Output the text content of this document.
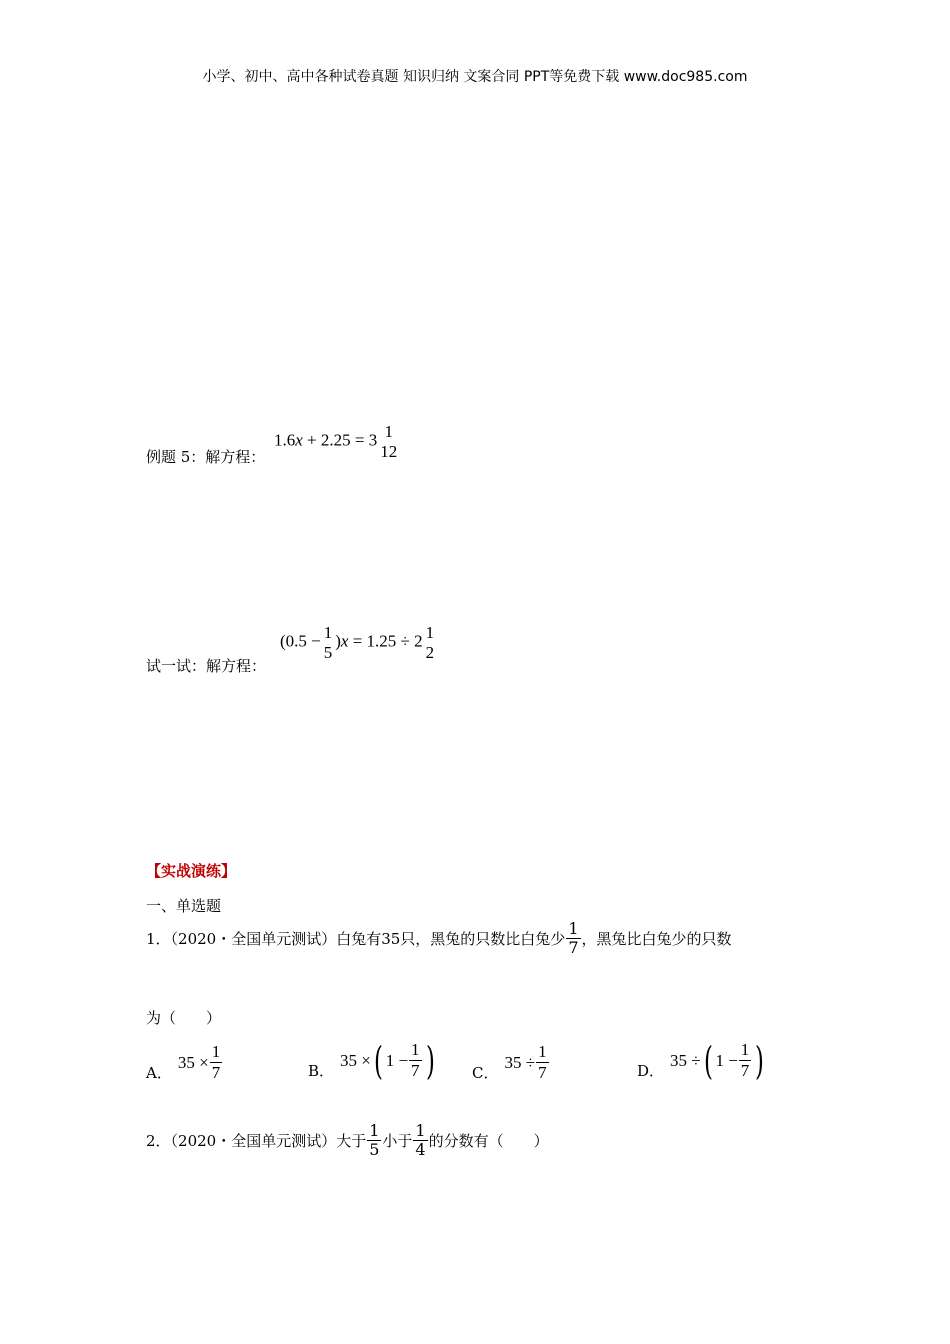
小学、初中、高中各种试卷真题 知识归纳 文案合同 PPT等免费下载 www.doc985.com
例题 5：解方程：
1.6x + 2.25 = 3 1
12
试一试：解方程：
(0.5 − 1
5
)x = 1.25 ÷ 2 1
2
【实战演练】
一、单选题
1．（2020・全国单元测试）白兔有35只，黑兔的只数比白兔少 $\frac{1}{7}$ ，黑兔比白兔少的只数
为（　　）
A．
$35 \times \frac{1}{7}$	B．
35 × ( $1 - \frac{1}{7}$ )	C．
$35 \div \frac{1}{7}$	D．
35 ÷ ( $1 - \frac{1}{7}$ )
2．（2020・全国单元测试）大于 $\frac{1}{5}$ 小于 $\frac{1}{4}$ 的分数有（　　）
